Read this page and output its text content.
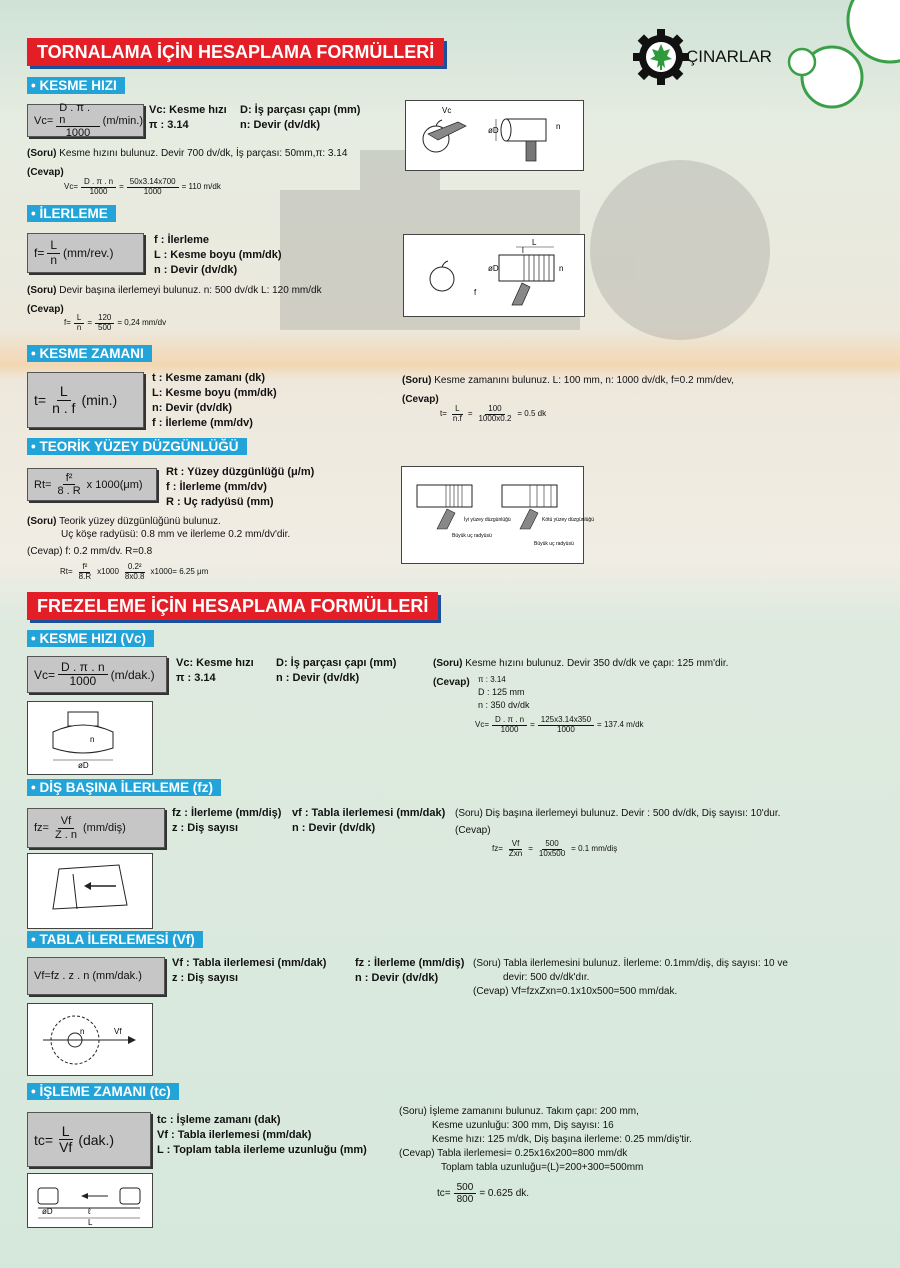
ÇINARLAR
TORNALAMA İÇİN HESAPLAMA FORMÜLLERİ
• KESME HIZI
$Vc= \frac{D . \pi . n}{1000} (m/\min.)$
Vc: Kesme hızı
π : 3.14
D: İş parçası çapı (mm)
n: Devir (dv/dk)
(Soru) Kesme hızını bulunuz. Devir 700 dv/dk, İş parçası: 50mm,π: 3.14
(Cevap)
$Vc= \frac{D . \pi . n}{1000} = \frac{50x3.14x700}{1000} = 110$ m/dk
Vc
øD	n
• İLERLEME
$f= \frac{L}{n} (mm/rev.)$
f : İlerleme
L : Kesme boyu (mm/dk)
n : Devir (dv/dk)
(Soru) Devir başına ilerlemeyi bulunuz. n: 500 dv/dk L: 120 mm/dk
(Cevap)
$f= \frac{L}{n} = \frac{120}{500} = 0,24$ mm/dv
L
l
øD	n
f
• KESME ZAMANI
$t= \frac{L}{n . f} (\min.)$
t : Kesme zamanı (dk)
L: Kesme boyu (mm/dk)
n: Devir (dv/dk)
f : İlerleme (mm/dv)
(Soru) Kesme zamanını bulunuz. L: 100 mm, n: 1000 dv/dk, f=0.2 mm/dev,
(Cevap)
$t= \frac{L}{n.f} = \frac{100}{1000x0.2} = 0.5$ dk
• TEORİK YÜZEY DÜZGÜNLÜĞÜ
$Rt= \frac{\text{f²}}{8 . R}$ x 1000(μm)
Rt : Yüzey düzgünlüğü (μ/m)
f : İlerleme (mm/dv)
R : Uç radyüsü (mm)
(Soru) Teorik yüzey düzgünlüğünü bulunuz.
Uç köşe radyüsü: 0.8 mm ve ilerleme 0.2 mm/dv'dir.
(Cevap) f: 0.2 mm/dv. R=0.8
$Rt= \frac{\text{f²}}{8.R} x1000 \frac{\text{0.2²}}{8x0.8} x1000= 6.25$ μm
İyi yüzey düzgünlüğü
Büyük uç radyüsü
Kötü yüzey düzgünlüğü
Büyük uç radyüsü
FREZELEME İÇİN HESAPLAMA FORMÜLLERİ
• KESME HIZI (Vc)
$Vc= \frac{D . \pi . n}{1000} (m/dak.)$
Vc: Kesme hızı
π : 3.14
D: İş parçası çapı (mm)
n : Devir (dv/dk)
(Soru) Kesme hızını bulunuz. Devir 350 dv/dk ve çapı: 125 mm'dir.
(Cevap) π : 3.14
D : 125 mm
n : 350 dv/dk
$Vc= \frac{D . \pi . n}{1000} = \frac{125x3.14x350}{1000} = 137.4$ m/dk
n
øD
• DİŞ BAŞINA İLERLEME (fz)
$fz= \frac{Vf}{Z . n}$ (mm/diş)
fz : İlerleme (mm/diş)
z : Diş sayısı
vf : Tabla ilerlemesi (mm/dak)
n : Devir (dv/dk)
(Soru) Diş başına ilerlemeyi bulunuz. Devir : 500 dv/dk, Diş sayısı: 10'dur.
(Cevap)
$fz= \frac{Vf}{\text{Zxn}} = \frac{500}{10x500} = 0.1$ mm/diş
• TABLA İLERLEMESİ (Vf)
Vf=fz . z . n (mm/dak.)
Vf : Tabla ilerlemesi (mm/dak)
z : Diş sayısı
fz : İlerleme (mm/diş)
n : Devir (dv/dk)
(Soru) Tabla ilerlemesini bulunuz. İlerleme: 0.1mm/diş, diş sayısı: 10 ve
devir: 500 dv/dk'dır.
(Cevap) Vf=fzxZxn=0.1x10x500=500 mm/dak.
n	Vf
• İŞLEME ZAMANI (tc)
$tc= \frac{L}{Vf} (dak.)$
tc : İşleme zamanı (dak)
Vf : Tabla ilerlemesi (mm/dak)
L : Toplam tabla ilerleme uzunluğu (mm)
(Soru) İşleme zamanını bulunuz. Takım çapı: 200 mm,
Kesme uzunluğu: 300 mm, Diş sayısı: 16
Kesme hızı: 125 m/dk, Diş başına ilerleme: 0.25 mm/diş'tir.
(Cevap) Tabla ilerlemesi= 0.25x16x200=800 mm/dk
Toplam tabla uzunluğu=(L)=200+300=500mm
$tc= \frac{500}{800} = 0.625$ dk.
øD	ℓ
L
